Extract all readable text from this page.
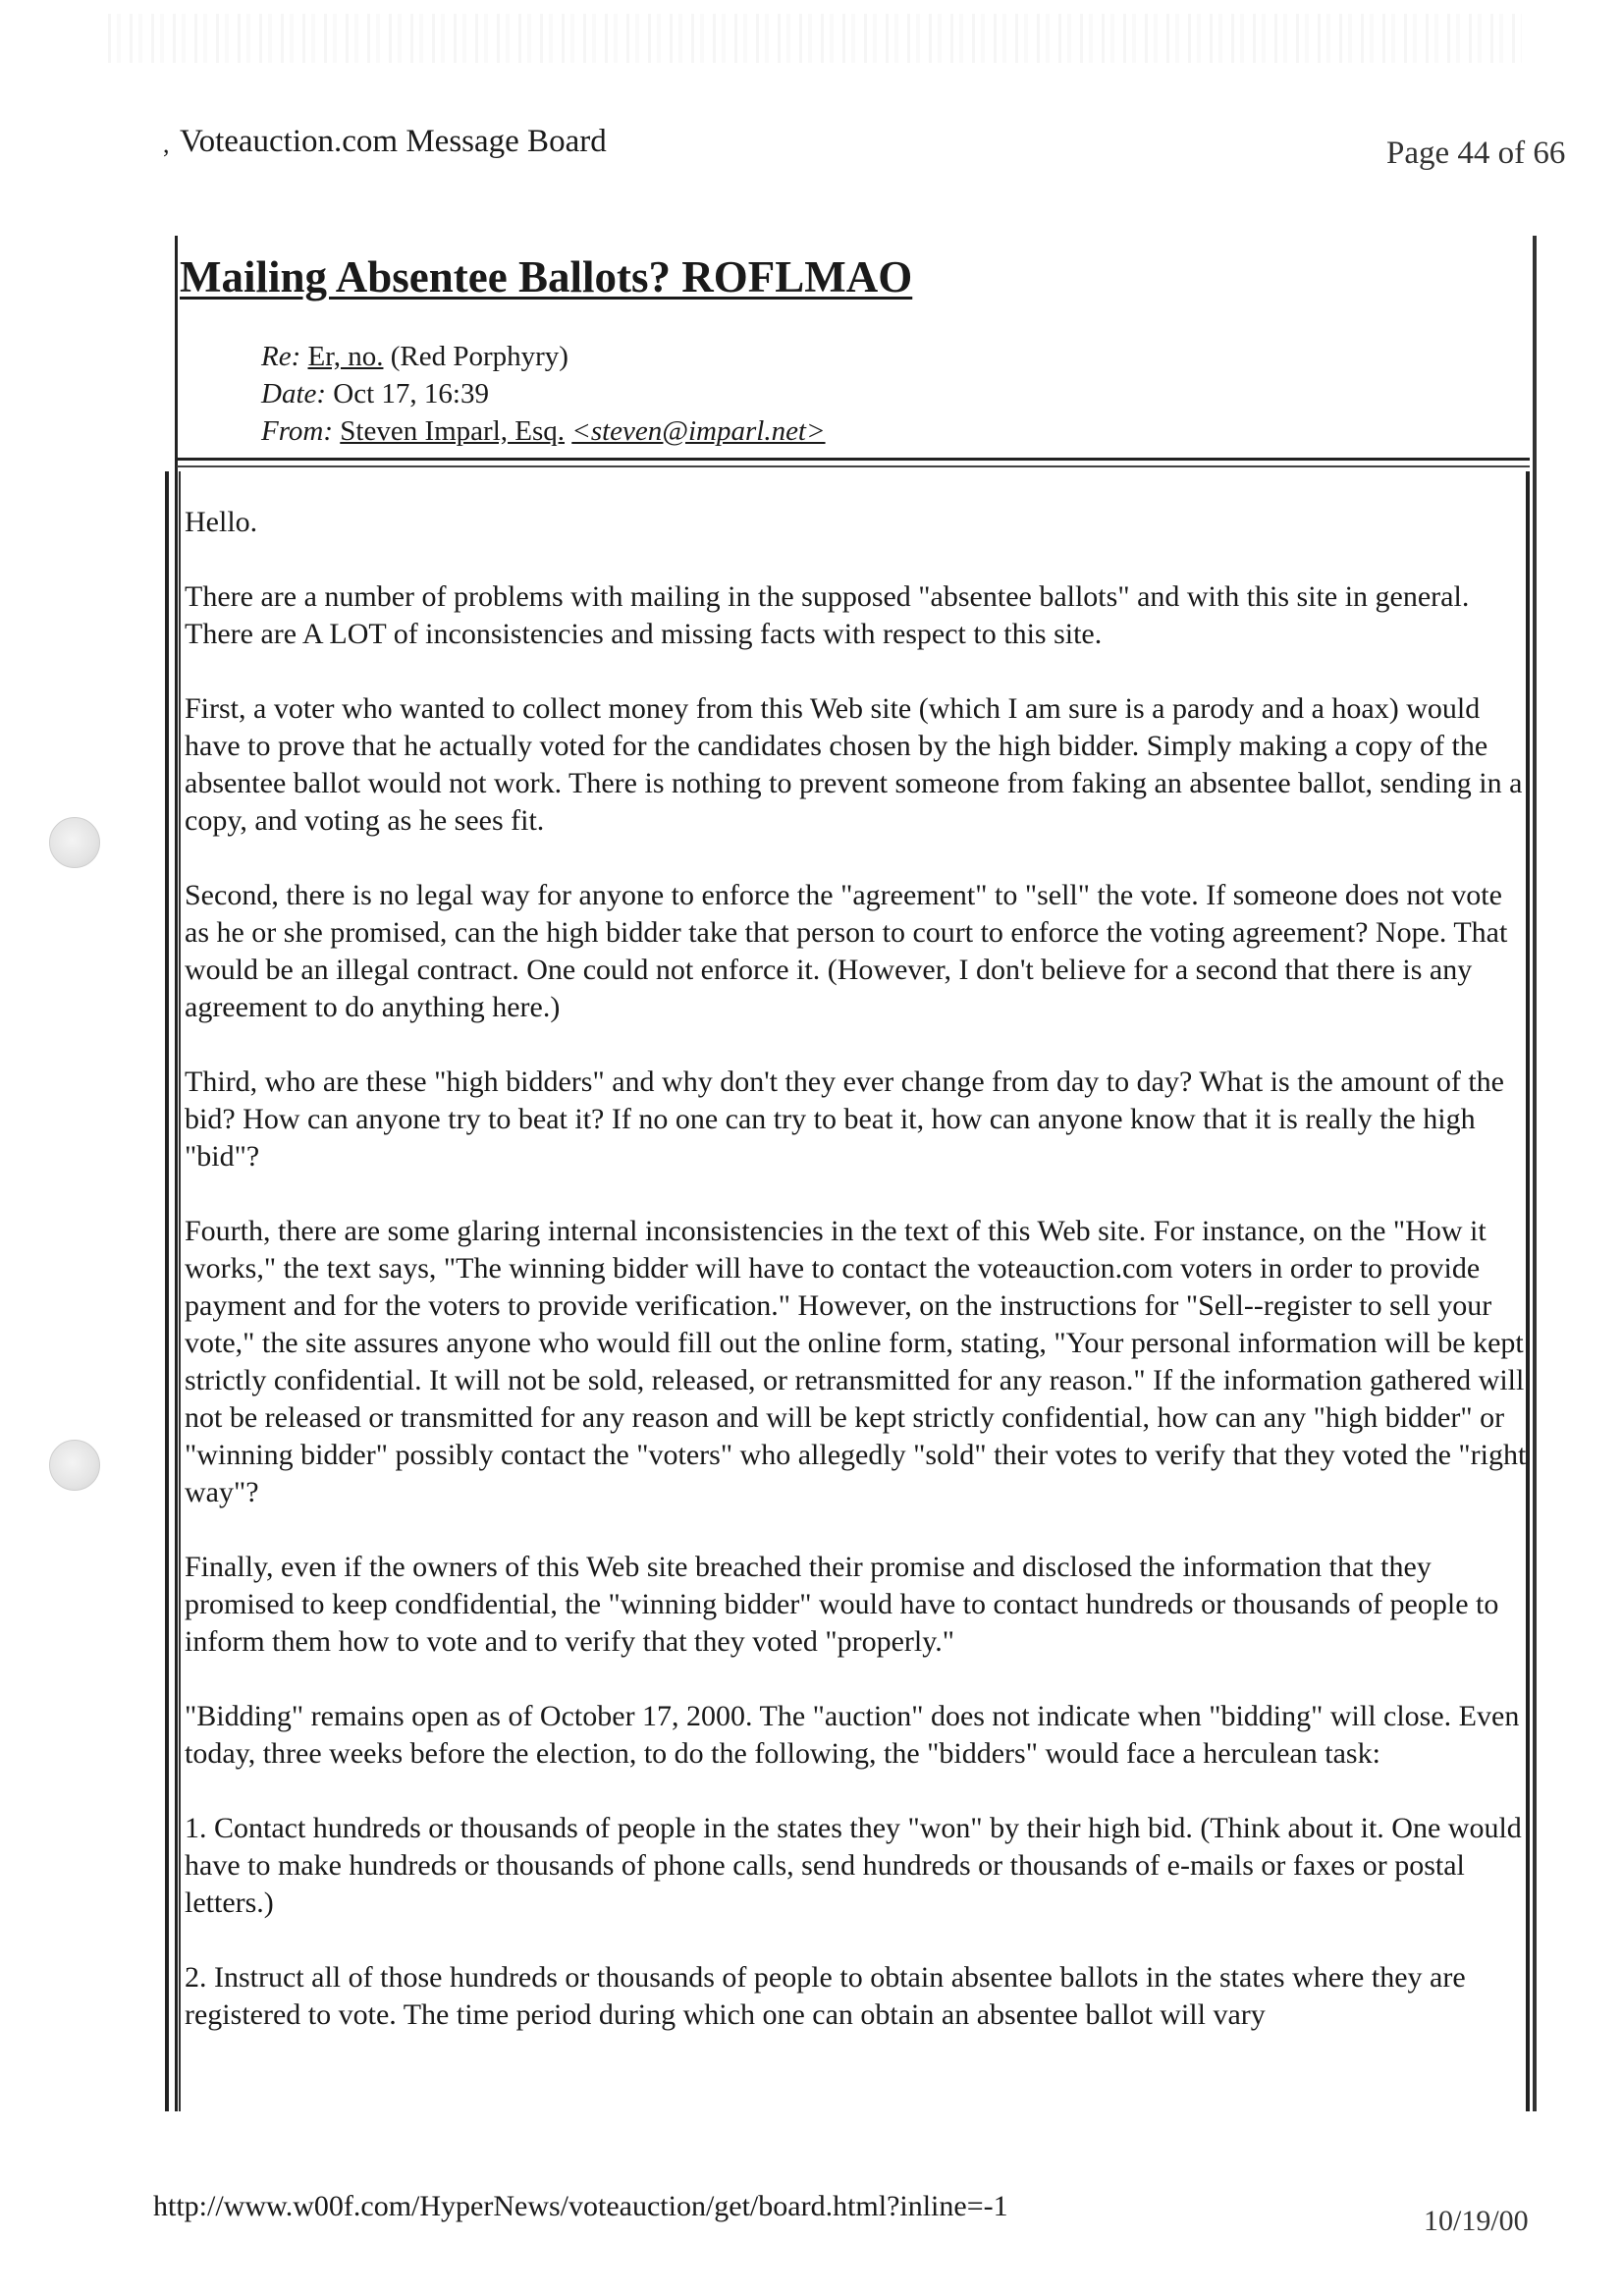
, Voteauction.com Message Board	Page 44 of 66
Mailing Absentee Ballots? ROFLMAO
Re: Er, no. (Red Porphyry)
Date: Oct 17, 16:39
From: Steven Imparl, Esq. <steven@imparl.net>

Hello.

There are a number of problems with mailing in the supposed "absentee ballots" and with this site in general. There are A LOT of inconsistencies and missing facts with respect to this site.

First, a voter who wanted to collect money from this Web site (which I am sure is a parody and a hoax) would have to prove that he actually voted for the candidates chosen by the high bidder. Simply making a copy of the absentee ballot would not work. There is nothing to prevent someone from faking an absentee ballot, sending in a copy, and voting as he sees fit.

Second, there is no legal way for anyone to enforce the "agreement" to "sell" the vote. If someone does not vote as he or she promised, can the high bidder take that person to court to enforce the voting agreement? Nope. That would be an illegal contract. One could not enforce it. (However, I don't believe for a second that there is any agreement to do anything here.)

Third, who are these "high bidders" and why don't they ever change from day to day? What is the amount of the bid? How can anyone try to beat it? If no one can try to beat it, how can anyone know that it is really the high "bid"?

Fourth, there are some glaring internal inconsistencies in the text of this Web site. For instance, on the "How it works," the text says, "The winning bidder will have to contact the voteauction.com voters in order to provide payment and for the voters to provide verification." However, on the instructions for "Sell--register to sell your vote," the site assures anyone who would fill out the online form, stating, "Your personal information will be kept strictly confidential. It will not be sold, released, or retransmitted for any reason." If the information gathered will not be released or transmitted for any reason and will be kept strictly confidential, how can any "high bidder" or "winning bidder" possibly contact the "voters" who allegedly "sold" their votes to verify that they voted the "right way"?

Finally, even if the owners of this Web site breached their promise and disclosed the information that they promised to keep condfidential, the "winning bidder" would have to contact hundreds or thousands of people to inform them how to vote and to verify that they voted "properly."

"Bidding" remains open as of October 17, 2000. The "auction" does not indicate when "bidding" will close. Even today, three weeks before the election, to do the following, the "bidders" would face a herculean task:

1. Contact hundreds or thousands of people in the states they "won" by their high bid. (Think about it. One would have to make hundreds or thousands of phone calls, send hundreds or thousands of e-mails or faxes or postal letters.)

2. Instruct all of those hundreds or thousands of people to obtain absentee ballots in the states where they are registered to vote. The time period during which one can obtain an absentee ballot will vary

http://www.w00f.com/HyperNews/voteauction/get/board.html?inline=-1	10/19/00
